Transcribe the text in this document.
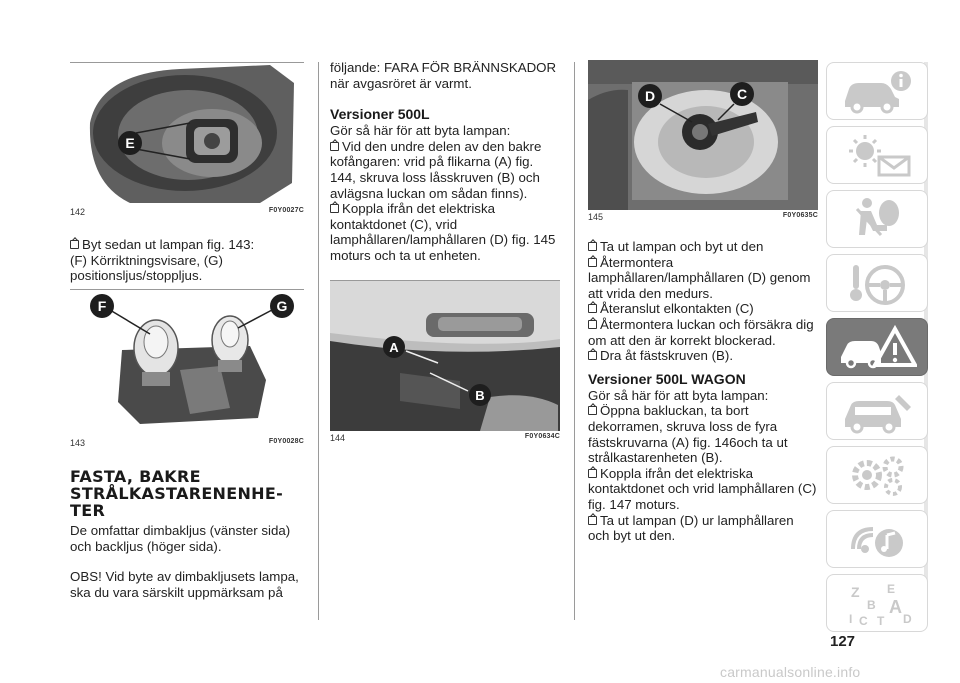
E
142	F0Y0027C

Byt sedan ut lampan fig. 143:

(F) Körriktningsvisare, (G) positionsljus/stoppljus.

F	G
143	F0Y0028C
FASTA, BAKRE STRÅLKASTARENENHE-TER

De omfattar dimbakljus (vänster sida) och backljus (höger sida).

OBS! Vid byte av dimbakljusets lampa, ska du vara särskilt uppmärksam på

följande: FARA FÖR BRÄNNSKADOR när avgasröret är varmt.

Versioner 500L

Gör så här för att byta lampan:

Vid den undre delen av den bakre kofångaren: vrid på flikarna (A) fig. 144, skruva loss låsskruven (B) och avlägsna luckan om sådan finns).

Koppla ifrån det elektriska kontaktdonet (C), vrid lamphållaren/lamphållaren (D) fig. 145 moturs och ta ut enheten.

A
B
144	F0Y0634C
D	C
145	F0Y0635C

Ta ut lampan och byt ut den

Återmontera lamphållaren/lamphållaren (D) genom att vrida den medurs.

Återanslut elkontakten (C)

Återmontera luckan och försäkra dig om att den är korrekt blockerad.

Dra åt fästskruven (B).

Versioner 500L WAGON

Gör så här för att byta lampan:

Öppna bakluckan, ta bort dekorramen, skruva loss de fyra fästskruvarna (A) fig. 146och ta ut strålkastarenheten (B).

Koppla ifrån det elektriska kontaktdonet och vrid lamphållaren (C) fig. 147 moturs.

Ta ut lampan (D) ur lamphållaren och byt ut den.

Z E
B A
I C T D
127
carmanualsonline.info
